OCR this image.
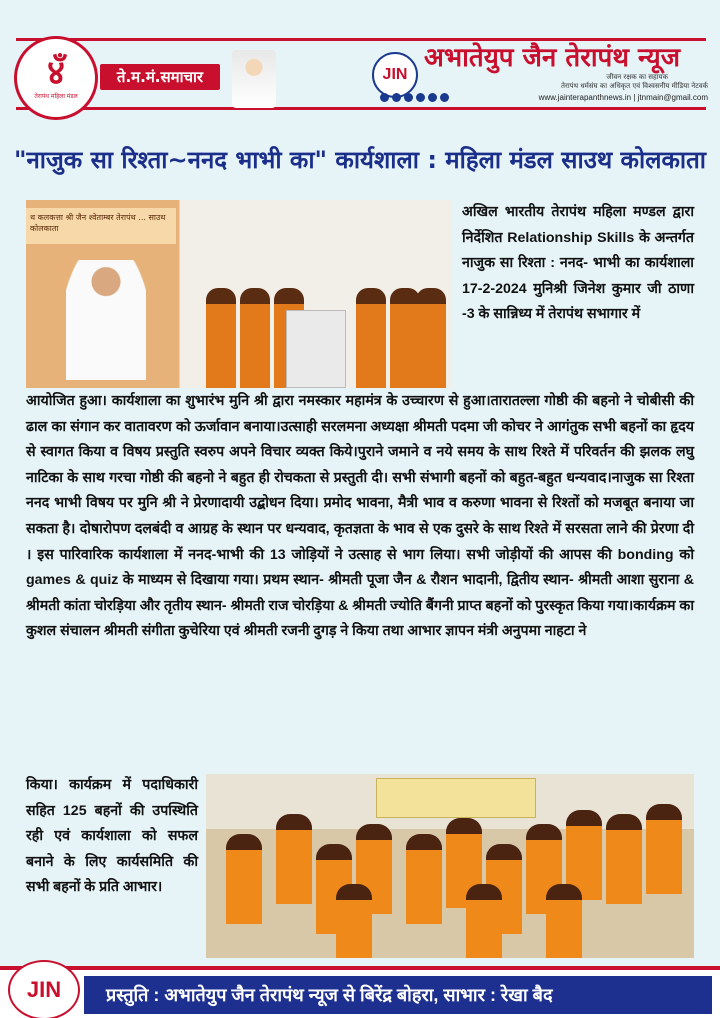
४ँ
तेरापंथ महिला मंडल
ते.म.मं.समाचार	JIN
अभातेयुप जैन तेरापंथ न्यूज
जीवन रक्षक का सहायक
तेरापंथ धर्मसंघ का अधिकृत एवं विश्वसनीय मीडिया नेटवर्क
www.jainterapanthnews.in | jtnmain@gmail.com
"नाजुक सा रिश्ता~ननद भाभी का" कार्यशाला : महिला मंडल साउथ कोलकाता
थ कलकत्ता श्री जैन श्वेताम्बर तेरापंथ ... साउथ कोलकाता

अखिल भारतीय तेरापंथ महिला मण्डल द्वारा निर्देशित Relationship Skills के अन्तर्गत नाजुक सा रिश्ता : ननद- भाभी का कार्यशाला 17-2-2024 मुनिश्री जिनेश कुमार जी ठाणा -3 के सान्निध्य में तेरापंथ सभागार में

आयोजित हुआ। कार्यशाला का शुभारंभ मुनि श्री द्वारा नमस्कार महामंत्र के उच्चारण से हुआ।तारातल्ला गोष्ठी की बहनो ने चोबीसी की ढाल का संगान कर वातावरण को ऊर्जावान बनाया।उत्साही सरलमना अध्यक्षा श्रीमती पदमा जी कोचर ने आगंतुक सभी बहनों का हृदय से स्वागत किया व विषय प्रस्तुति स्वरुप अपने विचार व्यक्त किये।पुराने जमाने व नये समय के साथ रिश्ते में परिवर्तन की झलक लघु नाटिका के साथ गरचा गोष्ठी की बहनो ने बहुत ही रोचकता से प्रस्तुती दी। सभी संभागी बहनों को बहुत-बहुत धन्यवाद।नाजुक सा रिश्ता ननद भाभी विषय पर मुनि श्री ने प्रेरणादायी उद्बोधन दिया। प्रमोद भावना, मैत्री भाव व करुणा भावना से रिश्तों को मजबूत बनाया जा सकता है। दोषारोपण दलबंदी व आग्रह के स्थान पर धन्यवाद, कृतज्ञता के भाव से एक दुसरे के साथ रिश्ते में सरसता लाने की प्रेरणा दी । इस पारिवारिक कार्यशाला में ननद-भाभी की 13 जोड़ियों ने उत्साह से भाग लिया। सभी जोड़ीयों की आपस की bonding को games & quiz के माध्यम से दिखाया गया। प्रथम स्थान- श्रीमती पूजा जैन & रौशन भादानी, द्वितीय स्थान- श्रीमती आशा सुराना & श्रीमती कांता चोरड़िया और तृतीय स्थान- श्रीमती राज चोरड़िया & श्रीमती ज्योति बैंगनी प्राप्त बहनों को पुरस्कृत किया गया।कार्यक्रम का कुशल संचालन श्रीमती संगीता कुचेरिया एवं श्रीमती रजनी दुगड़ ने किया तथा आभार ज्ञापन मंत्री अनुपमा नाहटा ने

किया। कार्यक्रम में पदाधिकारी सहित 125 बहनों की उपस्थिति रही एवं कार्यशाला को सफल बनाने के लिए कार्यसमिति की सभी बहनों के प्रति आभार।

JIN	प्रस्तुति : अभातेयुप जैन तेरापंथ न्यूज से बिरेंद्र बोहरा, साभार : रेखा बैद
